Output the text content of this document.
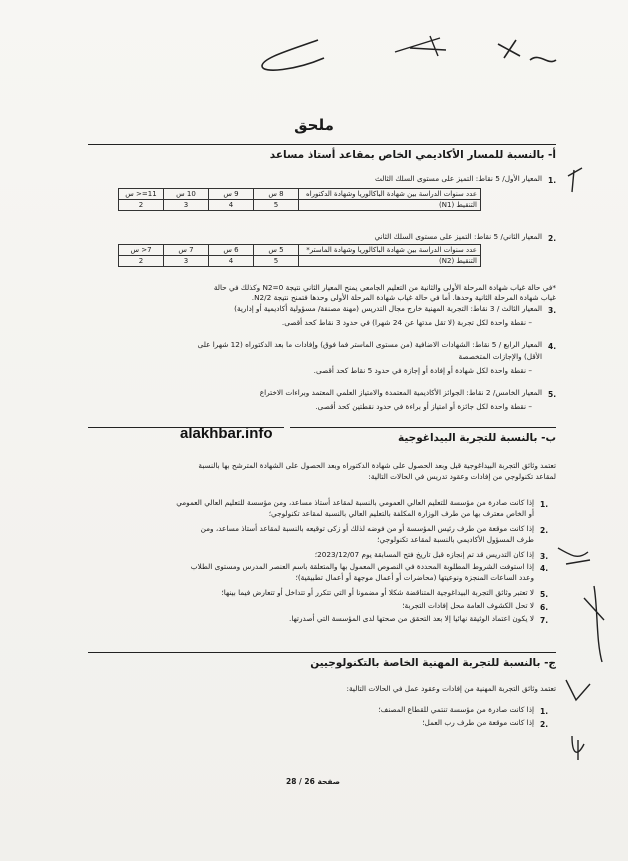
ملحق
أ- بالنسبة للمسار الأكاديمي الخاص بمقاعد أستاذ مساعد
1.
المعيار الأول/ 5 نقاط: التميز على مستوى السلك الثالث
عدد سنوات الدراسة بين شهادة الباكالوريا وشهادة الدكتوراه	8 س	9 س	10 س	11=< س
التنقيط (N1)	5	4	3	2
2.
المعيار الثاني/ 5 نقاط: التميز على مستوى السلك الثاني
عدد سنوات الدراسة بين شهادة الباكالوريا وشهادة الماستر*	5 س	6 س	7 س	7< س
التنقيط (N2)	5	4	3	2
*في حالة غياب شهادة المرحلة الأولى والثانية من التعليم الجامعي يمنح المعيار الثاني نتيجة N2=0 وكذلك في حالة
غياب شهادة المرحلة الثانية وحدها. أما في حالة غياب شهادة المرحلة الأولى وحدها فتمنح نتيجة N2/2.
3.
المعيار الثالث / 3 نقاط: التجربة المهنية خارج مجال التدريس (مهنة مصنفة/ مسؤولية أكاديمية أو إدارية)
– نقطة واحدة لكل تجربة (لا تقل مدتها عن 24 شهرا) في حدود 3 نقاط كحد أقصى.
4.
المعيار الرابع / 5 نقاط: الشهادات الاضافية (من مستوى الماستر فما فوق) وإفادات ما بعد الدكتوراه (12 شهرا على
الأقل) والإجازات المتخصصة
– نقطة واحدة لكل شهادة أو إفادة أو إجازة في حدود 5 نقاط كحد أقصى.
5.
المعيار الخامس/ 2 نقاط: الجوائز الأكاديمية المعتمدة والامتياز العلمي المعتمد وبراءات الاختراع
– نقطة واحدة لكل جائزة أو امتياز أو براءة في حدود نقطتين كحد أقصى.
alakhbar.info	ب- بالنسبة للتجربة البيداغوجية
تعتمد وثائق التجربة البيداغوجية قبل وبعد الحصول على شهادة الدكتوراه وبعد الحصول على الشهادة المترشح بها بالنسبة
لمقاعد تكنولوجي من إفادات وعقود تدريس في الحالات التالية:
1.
إذا كانت صادرة من مؤسسة للتعليم العالي العمومي بالنسبة لمقاعد أستاذ مساعد، ومن مؤسسة للتعليم العالي العمومي
أو الخاص معترف بها من طرف الوزارة المكلفة بالتعليم العالي بالنسبة لمقاعد تكنولوجي؛
2.
إذا كانت موقعة من طرف رئيس المؤسسة أو من فوضه لذلك أو زكى توقيعه بالنسبة لمقاعد أستاذ مساعد، ومن
طرف المسؤول الأكاديمي بالنسبة لمقاعد تكنولوجي؛
3.
إذا كان التدريس قد تم إنجازه قبل تاريخ فتح المسابقة يوم 2023/12/07؛
4.
إذا استوفت الشروط المطلوبة المحددة في النصوص المعمول بها والمتعلقة باسم العنصر المدرس ومستوى الطلاب
وعدد الساعات المنجزة ونوعيتها (محاضرات أو أعمال موجهة أو أعمال تطبيقية)؛
5.
لا تعتبر وثائق التجربة البيداغوجية المتناقضة شكلا أو مضمونا أو التي تتكرر أو تتداخل أو تتعارض فيما بينها؛
6.
لا تحل الكشوف العامة محل إفادات التجربة؛
7.
لا يكون اعتماد الوثيقة نهائيا إلا بعد التحقق من صحتها لدى المؤسسة التي أصدرتها.
ج- بالنسبة للتجربة المهنية الخاصة بالتكنولوجيين
تعتمد وثائق التجربة المهنية من إفادات وعقود عمل في الحالات التالية:
1.
إذا كانت صادرة من مؤسسة تنتمي للقطاع المصنف؛
2.
إذا كانت موقعة من طرف رب العمل؛
صفحة 26 / 28
